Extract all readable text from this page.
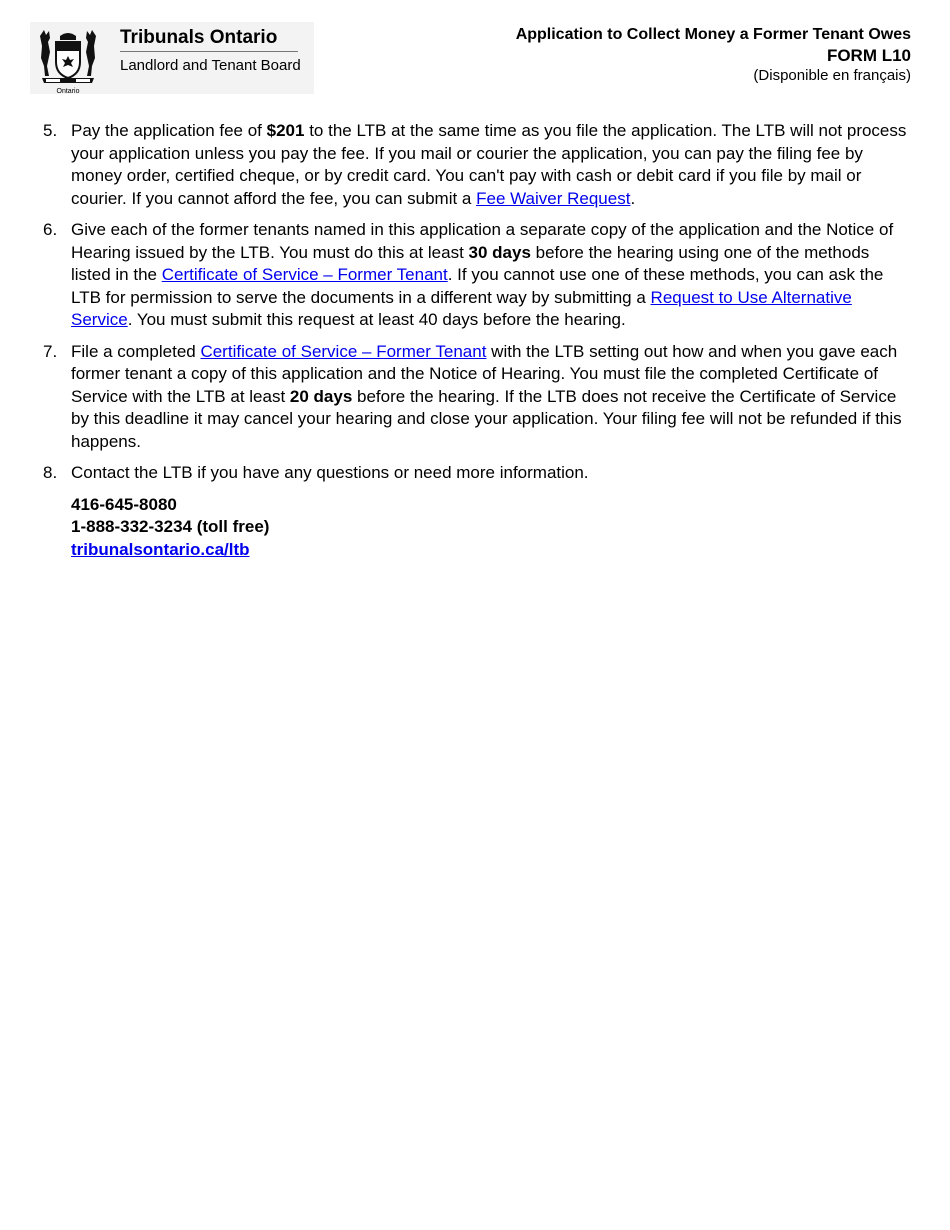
Ontario
Tribunals Ontario
Landlord and Tenant Board
Application to Collect Money a Former Tenant Owes
FORM L10
(Disponible en français)
5. Pay the application fee of $201 to the LTB at the same time as you file the application. The LTB will not process your application unless you pay the fee. If you mail or courier the application, you can pay the filing fee by money order, certified cheque, or by credit card. You can't pay with cash or debit card if you file by mail or courier. If you cannot afford the fee, you can submit a Fee Waiver Request.
6. Give each of the former tenants named in this application a separate copy of the application and the Notice of Hearing issued by the LTB. You must do this at least 30 days before the hearing using one of the methods listed in the Certificate of Service – Former Tenant. If you cannot use one of these methods, you can ask the LTB for permission to serve the documents in a different way by submitting a Request to Use Alternative Service. You must submit this request at least 40 days before the hearing.
7. File a completed Certificate of Service – Former Tenant with the LTB setting out how and when you gave each former tenant a copy of this application and the Notice of Hearing. You must file the completed Certificate of Service with the LTB at least 20 days before the hearing. If the LTB does not receive the Certificate of Service by this deadline it may cancel your hearing and close your application. Your filing fee will not be refunded if this happens.
8. Contact the LTB if you have any questions or need more information.
416-645-8080
1-888-332-3234 (toll free)
tribunalsontario.ca/ltb
